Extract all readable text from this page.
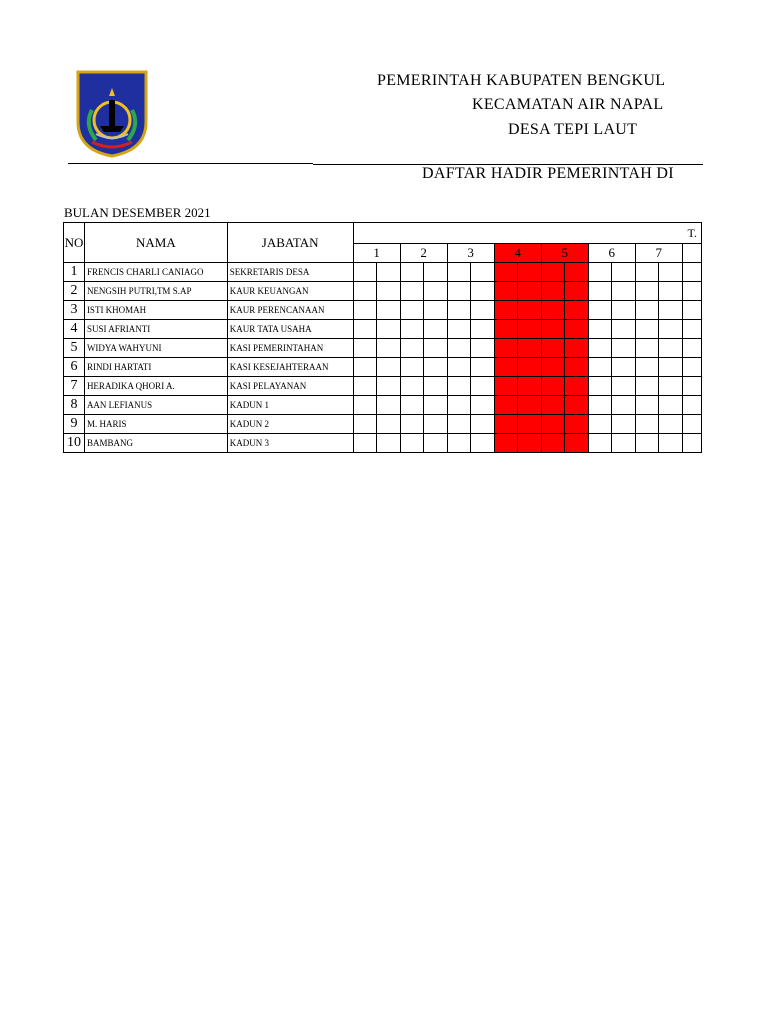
PEMERINTAH KABUPATEN BENGKUL
KECAMATAN AIR NAPAL
DESA TEPI LAUT
DAFTAR HADIR PEMERINTAH DI
BULAN DESEMBER 2021
NO	NAMA	JABATAN	T.														
			1		2		3		4		5		6		7		
1	FRENCIS CHARLI CANIAGO	SEKRETARIS DESA															
2	NENGSIH PUTRI,TM S.AP	KAUR KEUANGAN															
3	ISTI KHOMAH	KAUR PERENCANAAN															
4	SUSI AFRIANTI	KAUR TATA USAHA															
5	WIDYA WAHYUNI	KASI PEMERINTAHAN															
6	RINDI HARTATI	KASI KESEJAHTERAAN															
7	HERADIKA QHORI A.	KASI PELAYANAN															
8	AAN LEFIANUS	KADUN 1															
9	M. HARIS	KADUN 2															
10	BAMBANG	KADUN 3															
